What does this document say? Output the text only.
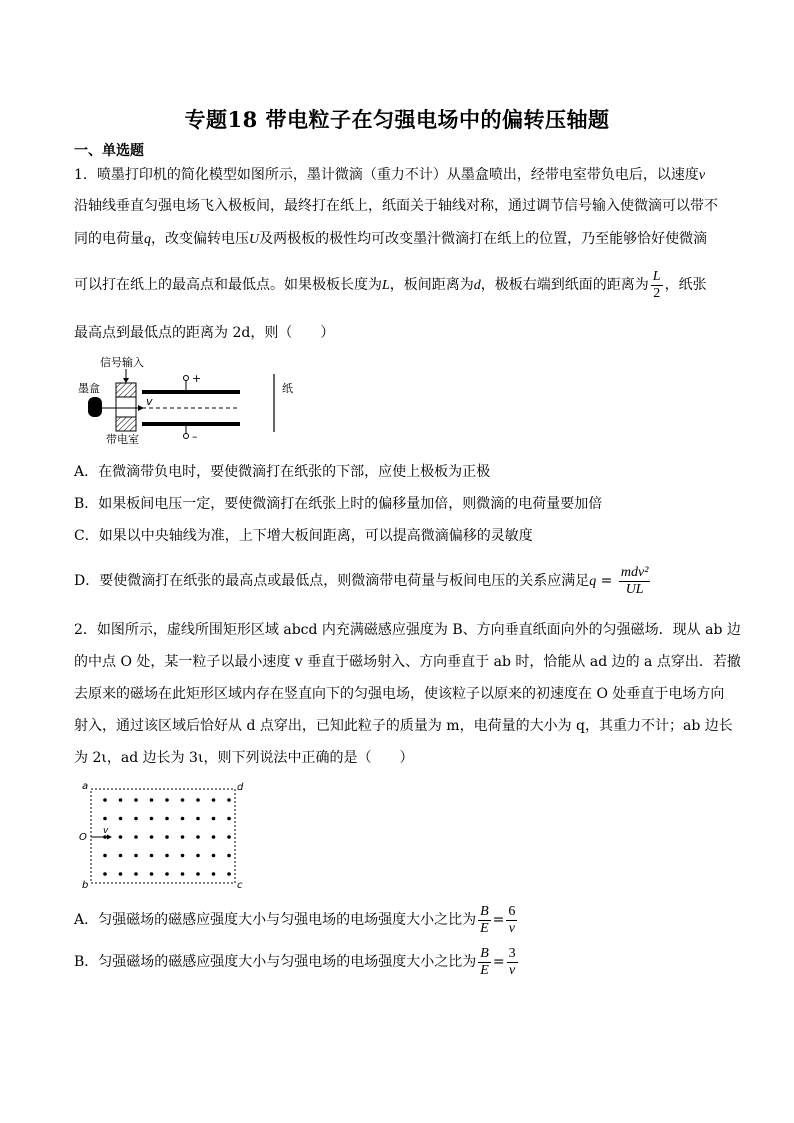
专题18 带电粒子在匀强电场中的偏转压轴题
一、单选题
1．喷墨打印机的简化模型如图所示，墨计微滴（重力不计）从墨盒喷出，经带电室带负电后，以速度v
沿轴线垂直匀强电场飞入极板间，最终打在纸上，纸面关于轴线对称，通过调节信号输入使微滴可以带不
同的电荷量q，改变偏转电压U及两极板的极性均可改变墨汁微滴打在纸上的位置，乃至能够恰好使微滴
可以打在纸上的最高点和最低点。如果极板长度为L，板间距离为d，极板右端到纸面的距离为 $\frac{L}{2}$ ，纸张
最高点到最低点的距离为 2d，则（　　）
信号输入
墨盒
v
+
–
纸
带电室
A．在微滴带负电时，要使微滴打在纸张的下部，应使上极板为正极
B．如果板间电压一定，要使微滴打在纸张上时的偏移量加倍，则微滴的电荷量要加倍
C．如果以中央轴线为准，上下增大板间距离，可以提高微滴偏移的灵敏度
D．要使微滴打在纸张的最高点或最低点，则微滴带电荷量与板间电压的关系应满足$q = \frac{\text{mdv²}}{UL}$
2．如图所示，虚线所围矩形区域 abcd 内充满磁感应强度为 B、方向垂直纸面向外的匀强磁场．现从 ab 边
的中点 O 处，某一粒子以最小速度 v 垂直于磁场射入、方向垂直于 ab 时，恰能从 ad 边的 a 点穿出．若撤
去原来的磁场在此矩形区域内存在竖直向下的匀强电场，使该粒子以原来的初速度在 O 处垂直于电场方向
射入，通过该区域后恰好从 d 点穿出，已知此粒子的质量为 m，电荷量的大小为 q，其重力不计；ab 边长
为 2ι，ad 边长为 3ι，则下列说法中正确的是（　　）
a
b	c
d
O
v
A．匀强磁场的磁感应强度大小与匀强电场的电场强度大小之比为 $\frac{B}{E} = \frac{6}{v}$
B．匀强磁场的磁感应强度大小与匀强电场的电场强度大小之比为 $\frac{B}{E} = \frac{3}{v}$
